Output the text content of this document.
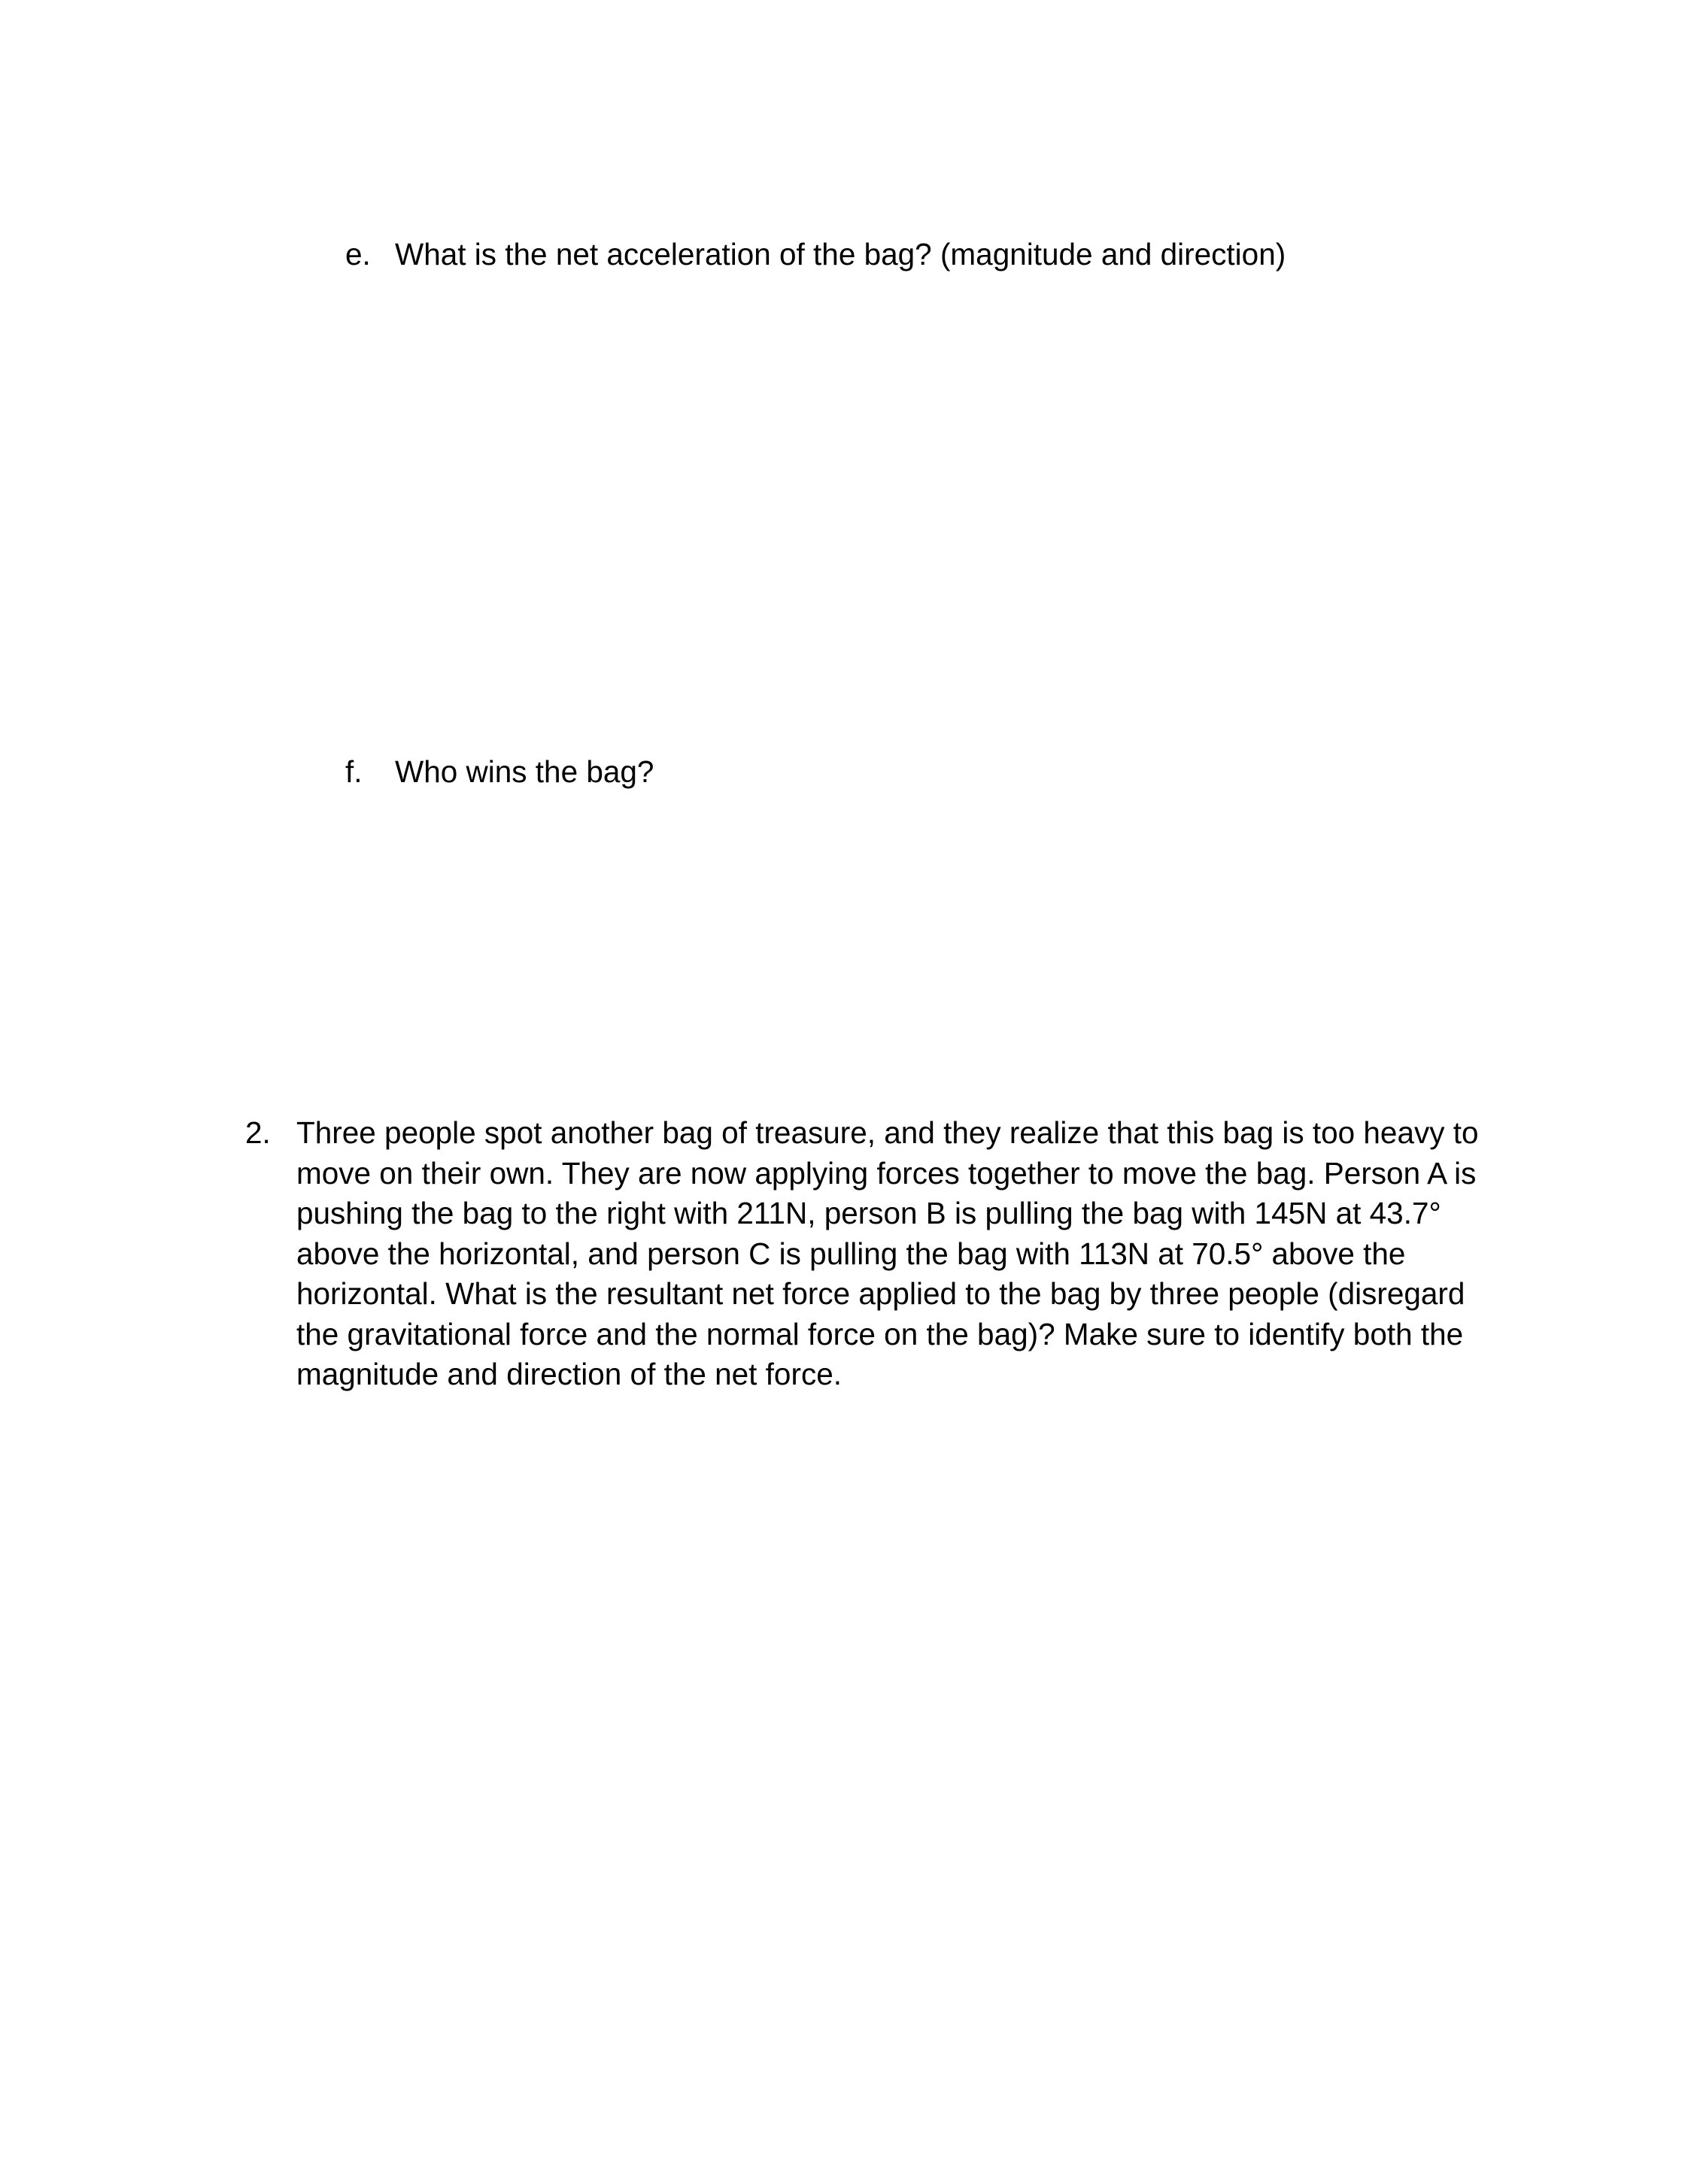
e. What is the net acceleration of the bag? (magnitude and direction)
f. Who wins the bag?
2. Three people spot another bag of treasure, and they realize that this bag is too heavy to
move on their own. They are now applying forces together to move the bag. Person A is
pushing the bag to the right with 211N, person B is pulling the bag with 145N at 43.7°
above the horizontal, and person C is pulling the bag with 113N at 70.5° above the
horizontal. What is the resultant net force applied to the bag by three people (disregard
the gravitational force and the normal force on the bag)? Make sure to identify both the
magnitude and direction of the net force.
